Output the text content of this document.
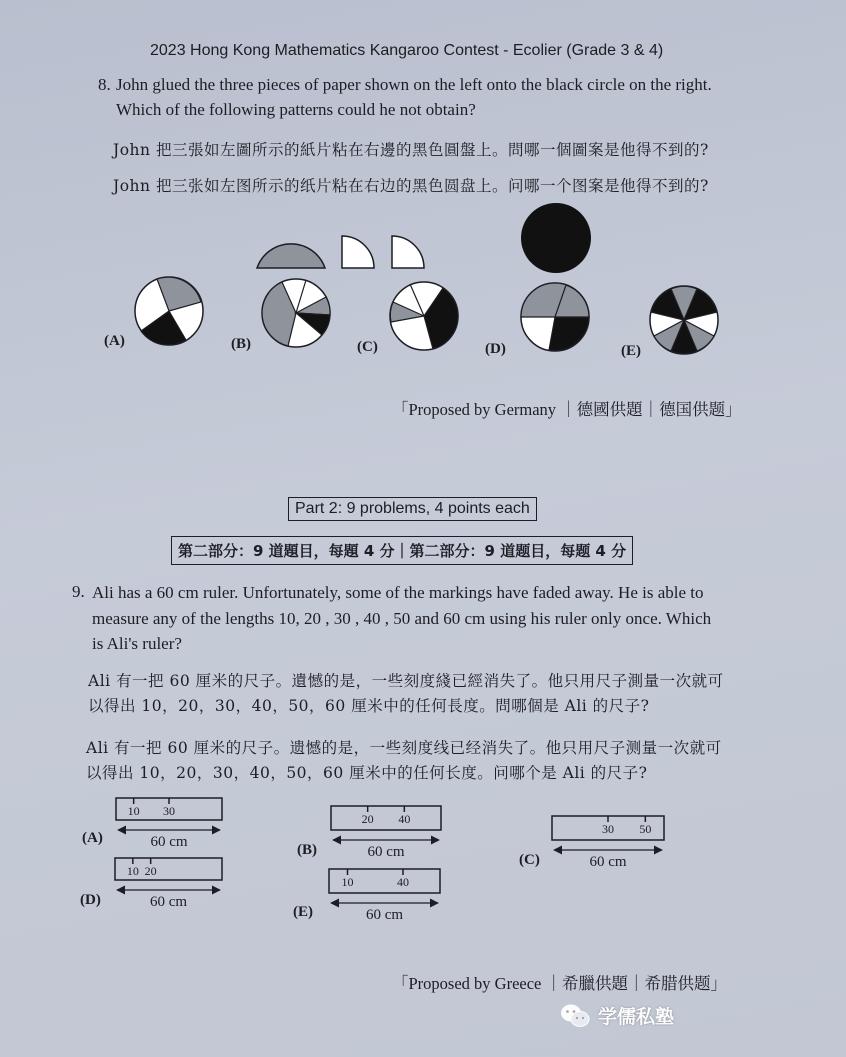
2023 Hong Kong Mathematics Kangaroo Contest - Ecolier (Grade 3 & 4)
8. John glued the three pieces of paper shown on the left onto the black circle on the right.
Which of the following patterns could he not obtain?
John 把三張如左圖所示的紙片粘在右邊的黑色圓盤上。問哪一個圖案是他得不到的?
John 把三张如左图所示的纸片粘在右边的黑色圆盘上。问哪一个图案是他得不到的?
(A)	(B)	(C)	(D)	(E)
「Proposed by Germany ｜德國供題｜德国供题」
Part 2: 9 problems, 4 points each
第二部分：9 道題目，每題 4 分｜第二部分：9 道题目，每题 4 分
9. Ali has a 60 cm ruler. Unfortunately, some of the markings have faded away. He is able to
measure any of the lengths 10, 20 , 30 , 40 , 50 and 60 cm using his ruler only once. Which
is Ali's ruler?
Ali 有一把 60 厘米的尺子。遺憾的是，一些刻度綫已經消失了。他只用尺子測量一次就可
以得出 10，20，30，40，50，60 厘米中的任何長度。問哪個是 Ali 的尺子?
Ali 有一把 60 厘米的尺子。遗憾的是，一些刻度线已经消失了。他只用尺子测量一次就可
以得出 10，20，30，40，50，60 厘米中的任何长度。问哪个是 Ali 的尺子?
10 30
60 cm
20 40
60 cm
30 50
60 cm
10 20
60 cm
10	40
60 cm
(A)
(B)
(C)
(D)
(E)
「Proposed by Greece ｜希臘供題｜希腊供题」
学儒私塾
